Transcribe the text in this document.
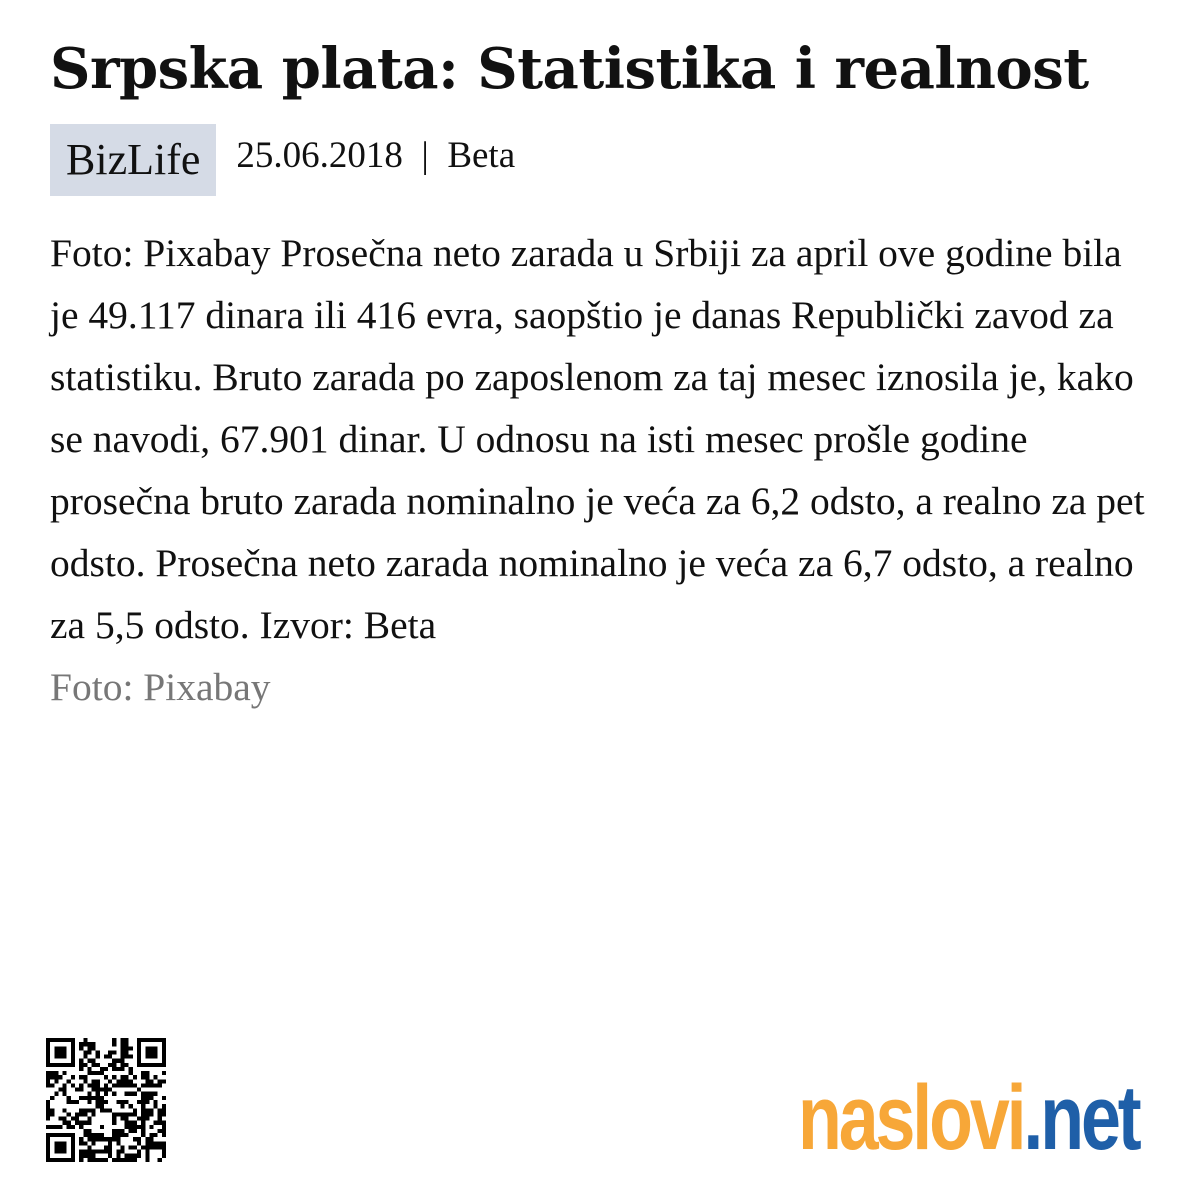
Srpska plata: Statistika i realnost
BizLife 25.06.2018 | Beta

Foto: Pixabay Prosečna neto zarada u Srbiji za april ove godine bila je 49.117 dinara ili 416 evra, saopštio je danas Republički zavod za statistiku. Bruto zarada po zaposlenom za taj mesec iznosila je, kako se navodi, 67.901 dinar. U odnosu na isti mesec prošle godine prosečna bruto zarada nominalno je veća za 6,2 odsto, a realno za pet odsto. Prosečna neto zarada nominalno je veća za 6,7 odsto, a realno za 5,5 odsto. Izvor: Beta

Foto: Pixabay
naslovi.net
